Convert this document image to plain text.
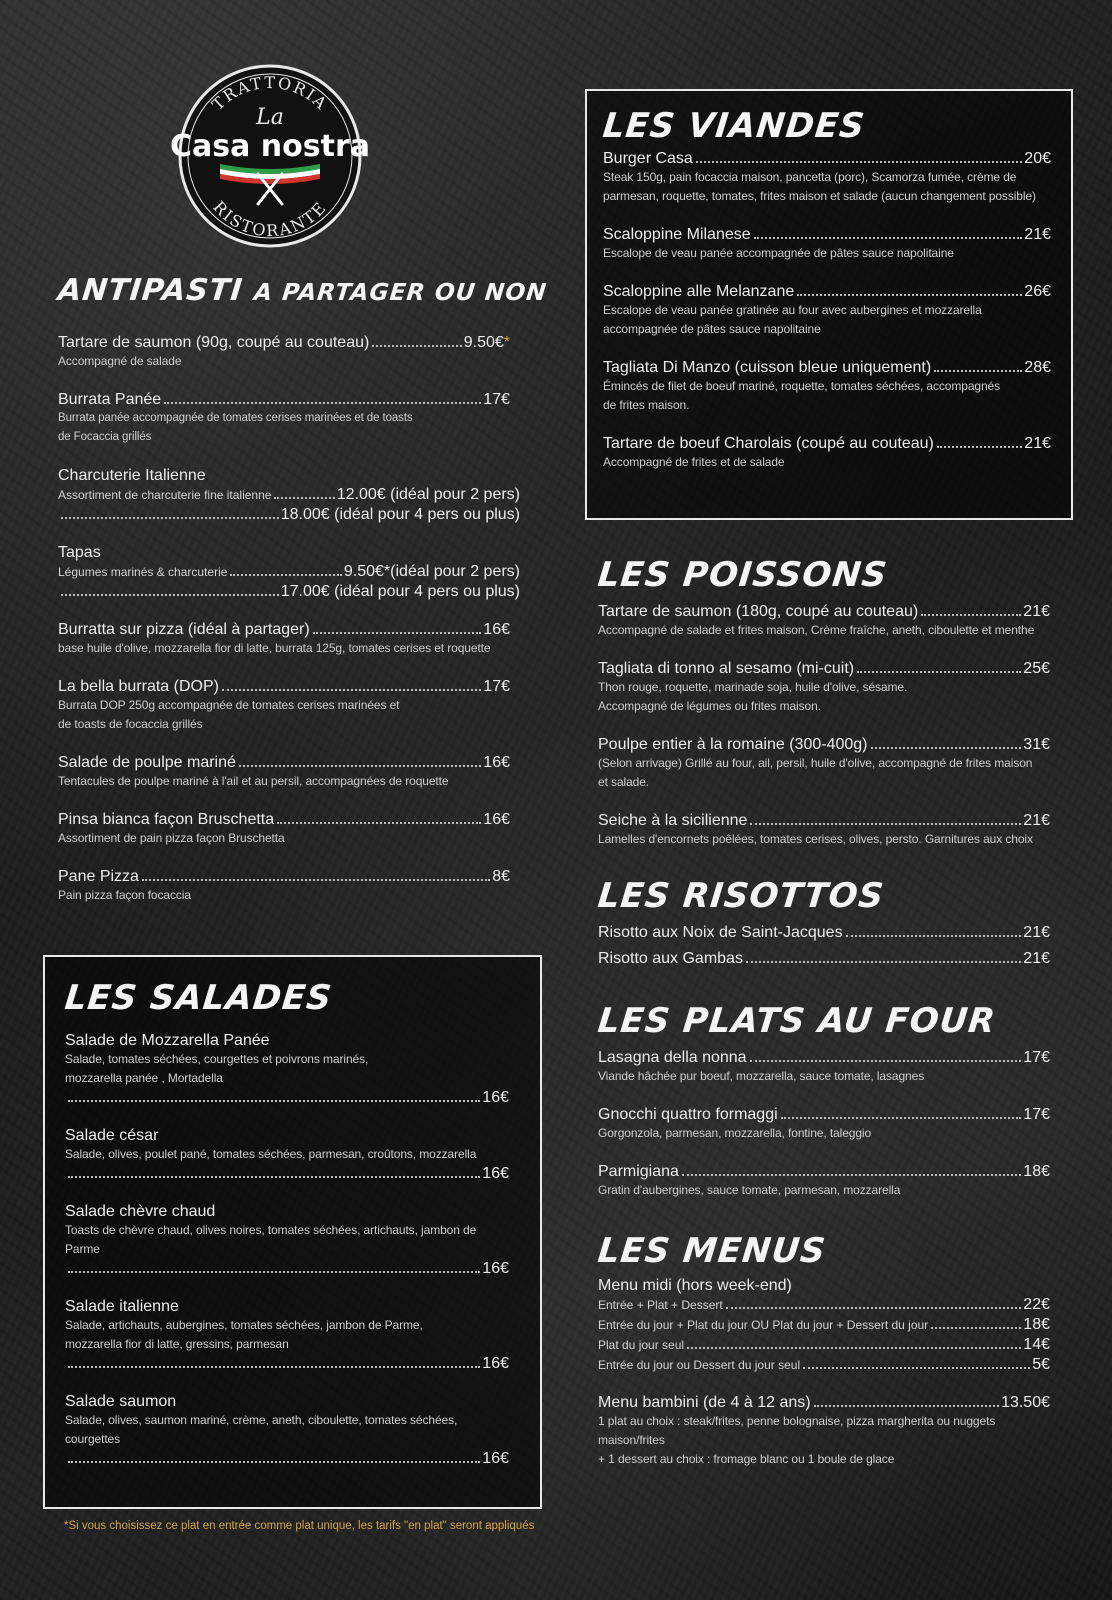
TRATTORIA
RISTORANTE
La
Casa nostra
ANTIPASTI A PARTAGER OU NON
Tartare de saumon (90g, coupé au couteau)	9.50€ *
Accompagné de salade
Burrata Panée	17€
Burrata panée accompagnée de tomates cerises marinées et de toasts
de Focaccia grillés
Charcuterie Italienne
Assortiment de charcuterie fine italienne	12.00€ (idéal pour 2 pers)
18.00€ (idéal pour 4 pers ou plus)
Tapas
Légumes marinés & charcuterie	9.50€ * (idéal pour 2 pers)
17.00€ (idéal pour 4 pers ou plus)
Burratta sur pizza (idéal à partager)	16€
base huile d'olive, mozzarella fior di latte, burrata 125g, tomates cerises et roquette
La bella burrata (DOP)	17€
Burrata DOP 250g accompagnée de tomates cerises marinées et
de toasts de focaccia grillés
Salade de poulpe mariné	16€
Tentacules de poulpe mariné à l'ail et au persil, accompagnées de roquette
Pinsa bianca façon Bruschetta	16€
Assortiment de pain pizza façon Bruschetta
Pane Pizza	8€
Pain pizza façon focaccia
LES SALADES
Salade de Mozzarella Panée
Salade, tomates séchées, courgettes et poivrons marinés,
mozzarella panée , Mortadella
16€
Salade césar
Salade, olives, poulet pané, tomates séchées, parmesan, croûtons, mozzarella
16€
Salade chèvre chaud
Toasts de chèvre chaud, olives noires, tomates séchées, artichauts, jambon de
Parme
16€
Salade italienne
Salade, artichauts, aubergines, tomates séchées, jambon de Parme,
mozzarella fior di latte, gressins, parmesan
16€
Salade saumon
Salade, olives, saumon mariné, crème, aneth, ciboulette, tomates séchées,
courgettes
16€
*Si vous choisissez ce plat en entrée comme plat unique, les tarifs "en plat" seront appliqués
LES VIANDES
Burger Casa	20€
Steak 150g, pain focaccia maison, pancetta (porc), Scamorza fumée, crème de
parmesan, roquette, tomates, frites maison et salade (aucun changement possible)
Scaloppine Milanese	21€
Escalope de veau panée accompagnée de pâtes sauce napolitaine
Scaloppine alle Melanzane	26€
Escalope de veau panée gratinée au four avec aubergines et mozzarella
accompagnée de pâtes sauce napolitaine
Tagliata Di Manzo (cuisson bleue uniquement)	28€
Émincés de filet de boeuf mariné, roquette, tomates séchées, accompagnés
de frites maison.
Tartare de boeuf Charolais (coupé au couteau)	21€
Accompagné de frites et de salade
LES POISSONS
Tartare de saumon (180g, coupé au couteau)	21€
Accompagné de salade et frites maison, Crème fraîche, aneth, ciboulette et menthe
Tagliata di tonno al sesamo (mi-cuit)	25€
Thon rouge, roquette, marinade soja, huile d'olive, sésame.
Accompagné de légumes ou frites maison.
Poulpe entier à la romaine (300-400g)	31€
(Selon arrivage) Grillé au four, ail, persil, huile d'olive, accompagné de frites maison
et salade.
Seiche à la sicilienne	21€
Lamelles d'encornets poêlées, tomates cerises, olives, persto. Garnitures aux choix
LES RISOTTOS
Risotto aux Noix de Saint-Jacques	21€
Risotto aux Gambas	21€
LES PLATS AU FOUR
Lasagna della nonna	17€
Viande hâchée pur boeuf, mozzarella, sauce tomate, lasagnes
Gnocchi quattro formaggi	17€
Gorgonzola, parmesan, mozzarella, fontine, taleggio
Parmigiana	18€
Gratin d'aubergines, sauce tomate, parmesan, mozzarella
LES MENUS
Menu midi (hors week-end)
Entrée + Plat + Dessert	22€
Entrée du jour + Plat du jour OU Plat du jour + Dessert du jour	18€
Plat du jour seul	14€
Entrée du jour ou Dessert du jour seul	5€
Menu bambini (de 4 à 12 ans)	13.50€
1 plat au choix : steak/frites, penne bolognaise, pizza margherita ou nuggets
maison/frites
+ 1 dessert au choix : fromage blanc ou 1 boule de glace
